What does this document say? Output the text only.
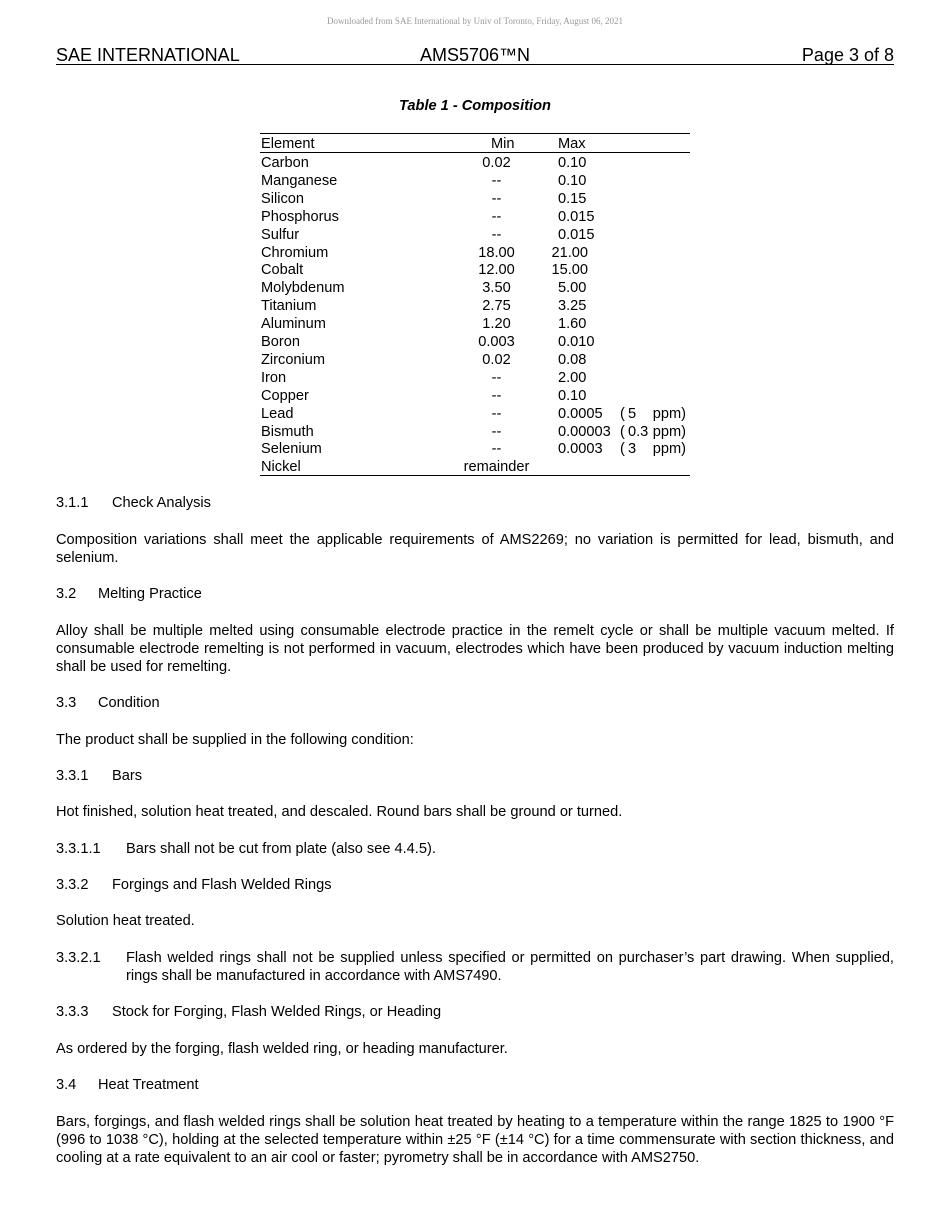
Downloaded from SAE International by Univ of Toronto, Friday, August 06, 2021
SAE INTERNATIONAL	AMS5706™N	Page 3 of 8
Table 1 - Composition
Element	Min	Max
Carbon	0.02	0.10
Manganese	--	0.10
Silicon	--	0.15
Phosphorus	--	0.015
Sulfur	--	0.015
Chromium	18.00	21.00
Cobalt	12.00	15.00
Molybdenum	3.50	5.00
Titanium	2.75	3.25
Aluminum	1.20	1.60
Boron	0.003	0.010
Zirconium	0.02	0.08
Iron	--	2.00
Copper	--	0.10
Lead	--	0.0005 ( 5 ppm)
Bismuth	--	0.00003 ( 0.3 ppm)
Selenium	--	0.0003 ( 3 ppm)
Nickel	remainder
3.1.1 Check Analysis
Composition variations shall meet the applicable requirements of AMS2269; no variation is permitted for lead, bismuth, and selenium.
3.2 Melting Practice
Alloy shall be multiple melted using consumable electrode practice in the remelt cycle or shall be multiple vacuum melted. If consumable electrode remelting is not performed in vacuum, electrodes which have been produced by vacuum induction melting shall be used for remelting.
3.3 Condition
The product shall be supplied in the following condition:
3.3.1 Bars
Hot finished, solution heat treated, and descaled. Round bars shall be ground or turned.
3.3.1.1 Bars shall not be cut from plate (also see 4.4.5).
3.3.2 Forgings and Flash Welded Rings
Solution heat treated.
3.3.2.1 Flash welded rings shall not be supplied unless specified or permitted on purchaser’s part drawing. When supplied, rings shall be manufactured in accordance with AMS7490.
3.3.3 Stock for Forging, Flash Welded Rings, or Heading
As ordered by the forging, flash welded ring, or heading manufacturer.
3.4 Heat Treatment
Bars, forgings, and flash welded rings shall be solution heat treated by heating to a temperature within the range 1825 to 1900 °F (996 to 1038 °C), holding at the selected temperature within ±25 °F (±14 °C) for a time commensurate with section thickness, and cooling at a rate equivalent to an air cool or faster; pyrometry shall be in accordance with AMS2750.
